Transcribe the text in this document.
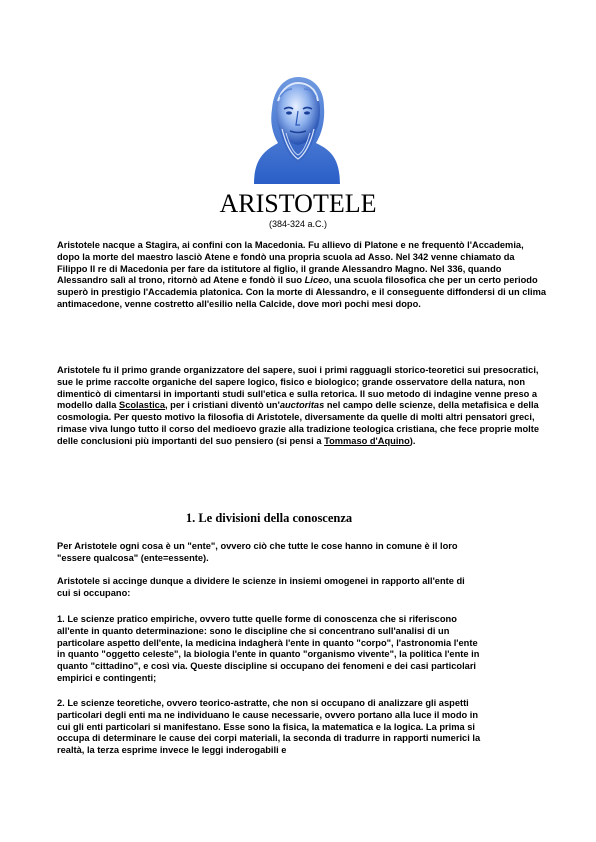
ARISTOTELE
(384-324 a.C.)

Aristotele nacque a Stagira, ai confini con la Macedonia. Fu allievo di Platone e ne frequentò l'Accademia, dopo la morte del maestro lasciò Atene e fondò una propria scuola ad Asso. Nel 342 venne chiamato da Filippo II re di Macedonia per fare da istitutore al figlio, il grande Alessandro Magno. Nel 336, quando Alessandro salì al trono, ritornò ad Atene e fondò il suo Liceo, una scuola filosofica che per un certo periodo superò in prestigio l'Accademia platonica. Con la morte di Alessandro, e il conseguente diffondersi di un clima antimacedone, venne costretto all'esilio nella Calcide, dove morì pochi mesi dopo.

Aristotele fu il primo grande organizzatore del sapere, suoi i primi ragguagli storico-teoretici sui presocratici, sue le prime raccolte organiche del sapere logico, fisico e biologico; grande osservatore della natura, non dimenticò di cimentarsi in importanti studi sull'etica e sulla retorica. Il suo metodo di indagine venne preso a modello dalla Scolastica, per i cristiani diventò un'auctoritas nel campo delle scienze, della metafisica e della cosmologia. Per questo motivo la filosofia di Aristotele, diversamente da quelle di molti altri pensatori greci, rimase viva lungo tutto il corso del medioevo grazie alla tradizione teologica cristiana, che fece proprie molte delle conclusioni più importanti del suo pensiero (si pensi a Tommaso d'Aquino).

1. Le divisioni della conoscenza

Per Aristotele ogni cosa è un "ente", ovvero ciò che tutte le cose hanno in comune è il loro "essere qualcosa" (ente=essente).

Aristotele si accinge dunque a dividere le scienze in insiemi omogenei in rapporto all'ente di cui si occupano:

1. Le scienze pratico empiriche, ovvero tutte quelle forme di conoscenza che si riferiscono all'ente in quanto determinazione: sono le discipline che si concentrano sull'analisi di un particolare aspetto dell'ente, la medicina indagherà l'ente in quanto "corpo", l'astronomia l'ente in quanto "oggetto celeste", la biologia l'ente in quanto "organismo vivente", la politica l'ente in quanto "cittadino", e così via. Queste discipline si occupano dei fenomeni e dei casi particolari empirici e contingenti;

2. Le scienze teoretiche, ovvero teorico-astratte, che non si occupano di analizzare gli aspetti particolari degli enti ma ne individuano le cause necessarie, ovvero portano alla luce il modo in cui gli enti particolari si manifestano. Esse sono la fisica, la matematica e la logica. La prima si occupa di determinare le cause dei corpi materiali, la seconda di tradurre in rapporti numerici la realtà, la terza esprime invece le leggi inderogabili e
